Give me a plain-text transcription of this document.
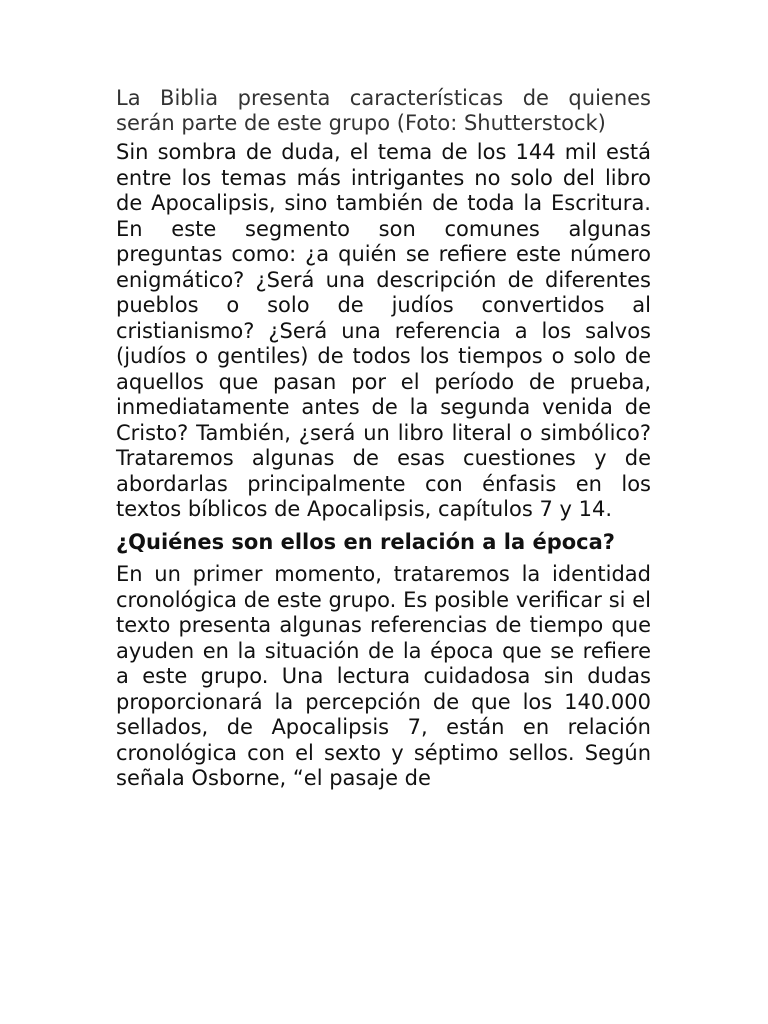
La Biblia presenta características de quienes serán parte de este grupo (Foto: Shutterstock)

Sin sombra de duda, el tema de los 144 mil está entre los temas más intrigantes no solo del libro de Apocalipsis, sino también de toda la Escritura. En este segmento son comunes algunas preguntas como: ¿a quién se refiere este número enigmático? ¿Será una descripción de diferentes pueblos o solo de judíos convertidos al cristianismo? ¿Será una referencia a los salvos (judíos o gentiles) de todos los tiempos o solo de aquellos que pasan por el período de prueba, inmediatamente antes de la segunda venida de Cristo? También, ¿será un libro literal o simbólico? Trataremos algunas de esas cuestiones y de abordarlas principalmente con énfasis en los textos bíblicos de Apocalipsis, capítulos 7 y 14.

¿Quiénes son ellos en relación a la época?

En un primer momento, trataremos la identidad cronológica de este grupo. Es posible verificar si el texto presenta algunas referencias de tiempo que ayuden en la situación de la época que se refiere a este grupo. Una lectura cuidadosa sin dudas proporcionará la percepción de que los 140.000 sellados, de Apocalipsis 7, están en relación cronológica con el sexto y séptimo sellos. Según señala Osborne, “el pasaje de
